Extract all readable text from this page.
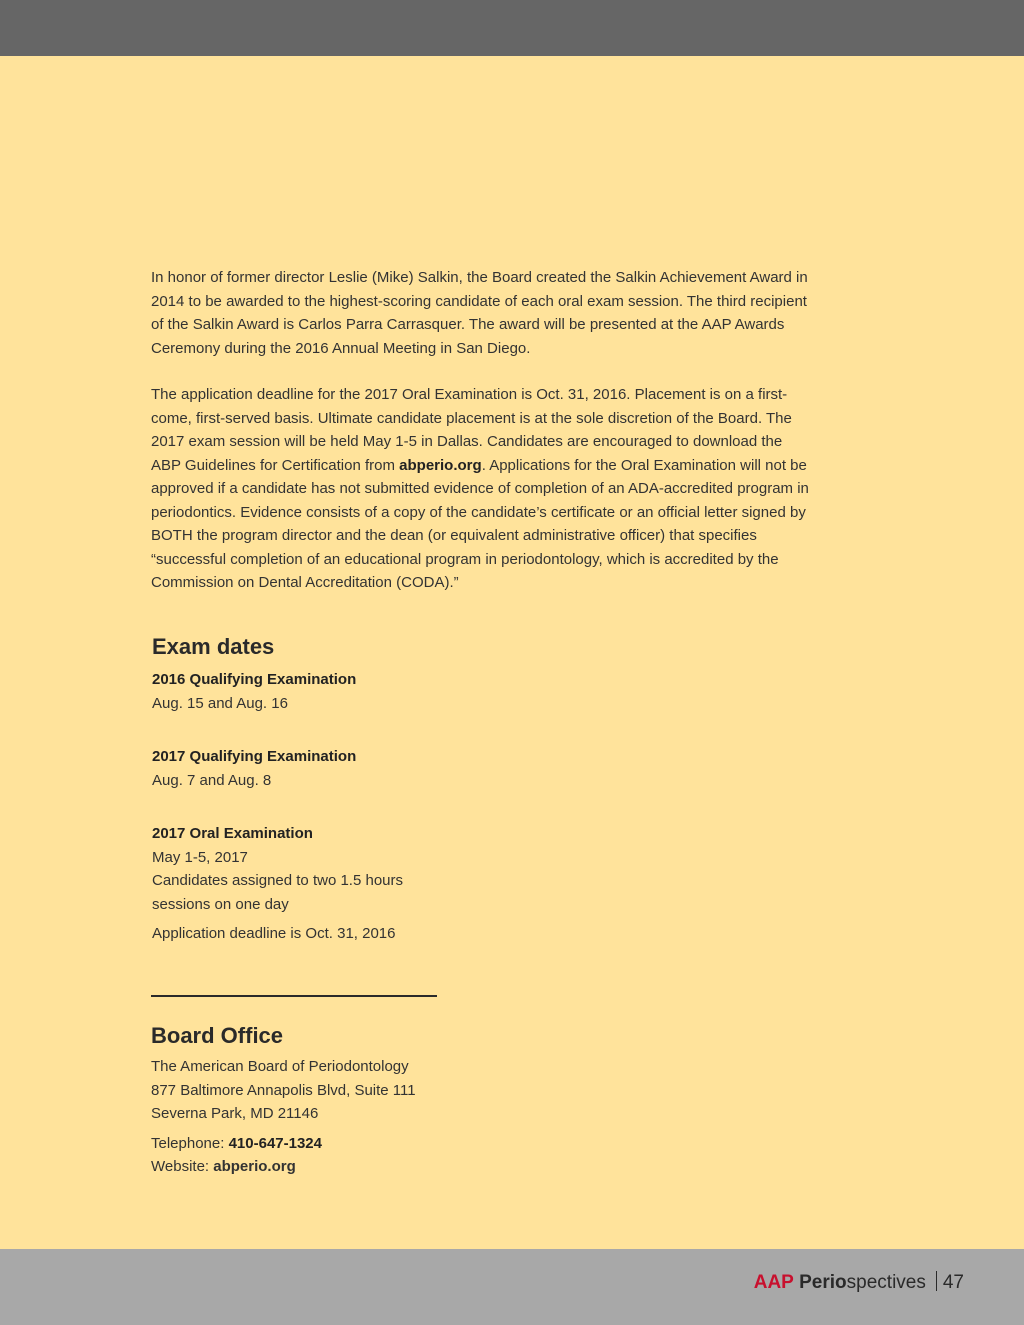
In honor of former director Leslie (Mike) Salkin, the Board created the Salkin Achievement Award in 2014 to be awarded to the highest-scoring candidate of each oral exam session. The third recipient of the Salkin Award is Carlos Parra Carrasquer. The award will be presented at the AAP Awards Ceremony during the 2016 Annual Meeting in San Diego.

The application deadline for the 2017 Oral Examination is Oct. 31, 2016. Placement is on a first-come, first-served basis. Ultimate candidate placement is at the sole discretion of the Board. The 2017 exam session will be held May 1-5 in Dallas. Candidates are encouraged to download the ABP Guidelines for Certification from abperio.org. Applications for the Oral Examination will not be approved if a candidate has not submitted evidence of completion of an ADA-accredited program in periodontics. Evidence consists of a copy of the candidate’s certificate or an official letter signed by BOTH the program director and the dean (or equivalent administrative officer) that specifies “successful completion of an educational program in periodontology, which is accredited by the Commission on Dental Accreditation (CODA).”

Exam dates
2016 Qualifying Examination
Aug. 15 and Aug. 16
2017 Qualifying Examination
Aug. 7 and Aug. 8
2017 Oral Examination
May 1-5, 2017
Candidates assigned to two 1.5 hours
sessions on one day
Application deadline is Oct. 31, 2016
Board Office
The American Board of Periodontology
877 Baltimore Annapolis Blvd, Suite 111
Severna Park, MD 21146
Telephone: 410-647-1324
Website: abperio.org
AAP Periospectives 47
